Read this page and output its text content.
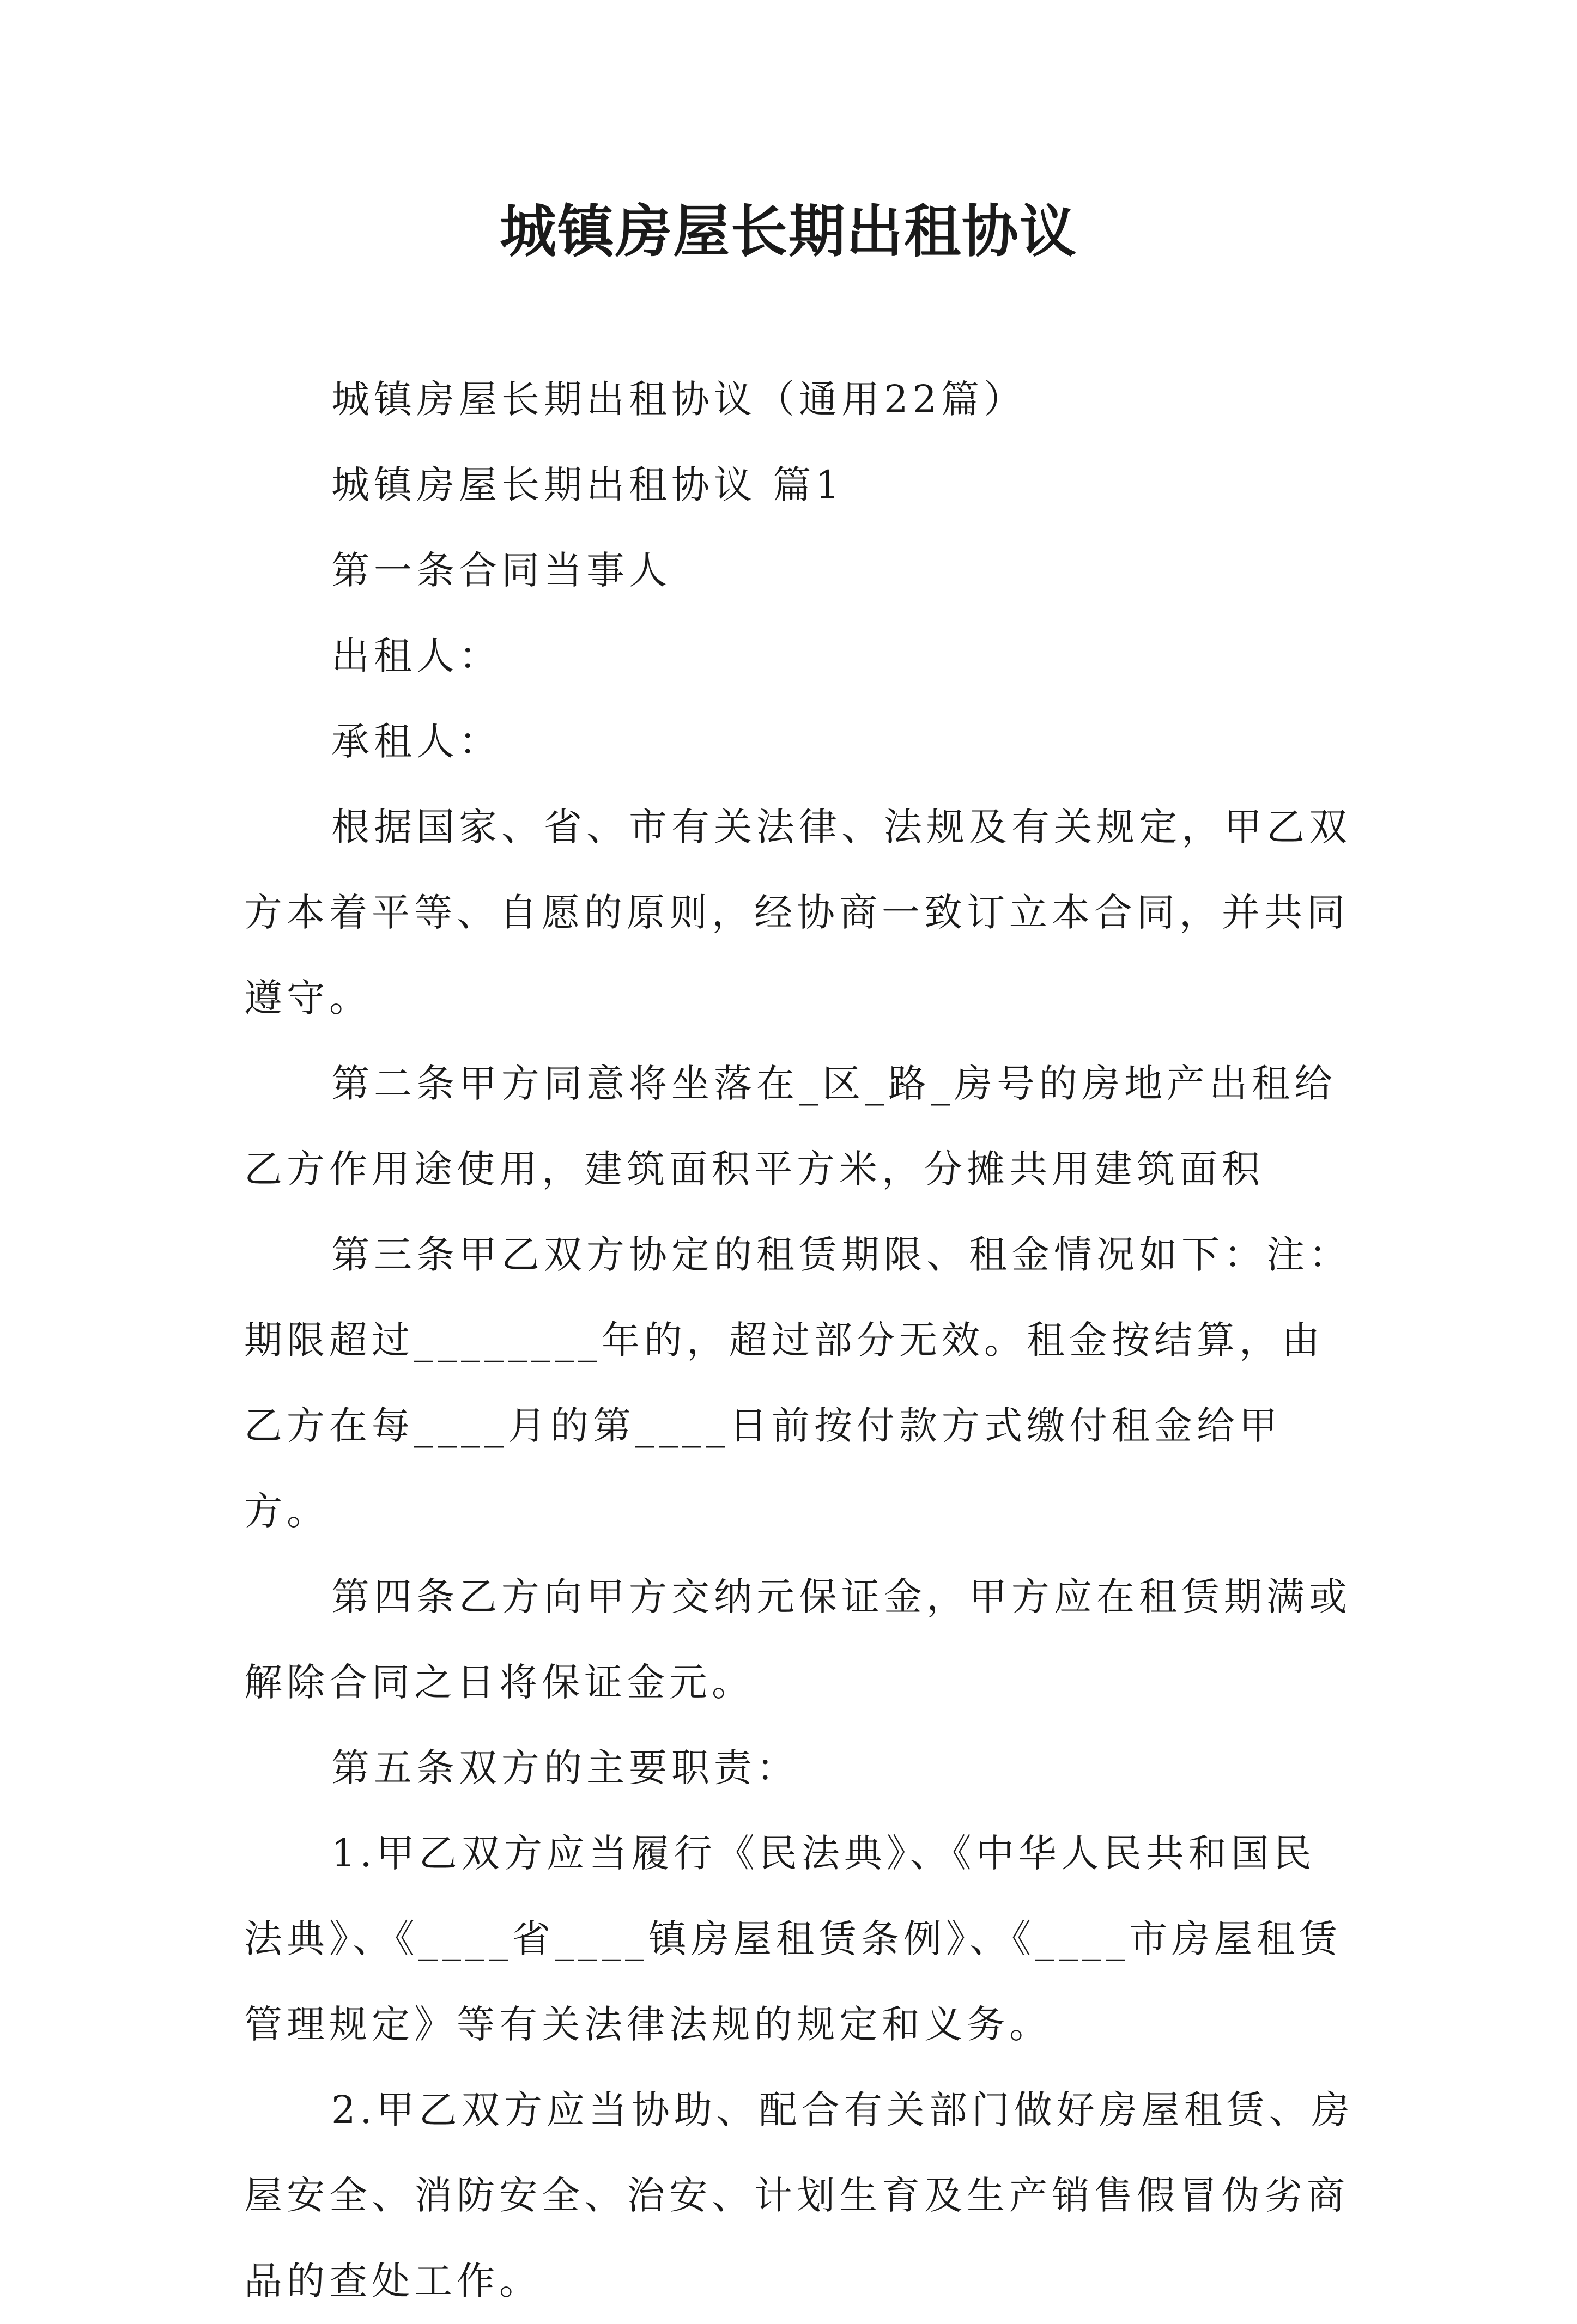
城镇房屋长期出租协议

城镇房屋长期出租协议（通用22篇）

城镇房屋长期出租协议 篇1

第一条合同当事人

出租人：

承租人：

根据国家、省、市有关法律、法规及有关规定，甲乙双方本着平等、自愿的原则，经协商一致订立本合同，并共同遵守。

第二条甲方同意将坐落在_区_路_房号的房地产出租给乙方作用途使用，建筑面积平方米，分摊共用建筑面积

第三条甲乙双方协定的租赁期限、租金情况如下：注：期限超过________年的，超过部分无效。租金按结算，由乙方在每____月的第____日前按付款方式缴付租金给甲方。

第四条乙方向甲方交纳元保证金，甲方应在租赁期满或解除合同之日将保证金元。

第五条双方的主要职责：

1.甲乙双方应当履行《民法典》、《中华人民共和国民法典》、《____省____镇房屋租赁条例》、《____市房屋租赁管理规定》等有关法律法规的规定和义务。

2.甲乙双方应当协助、配合有关部门做好房屋租赁、房屋安全、消防安全、治安、计划生育及生产销售假冒伪劣商品的查处工作。
